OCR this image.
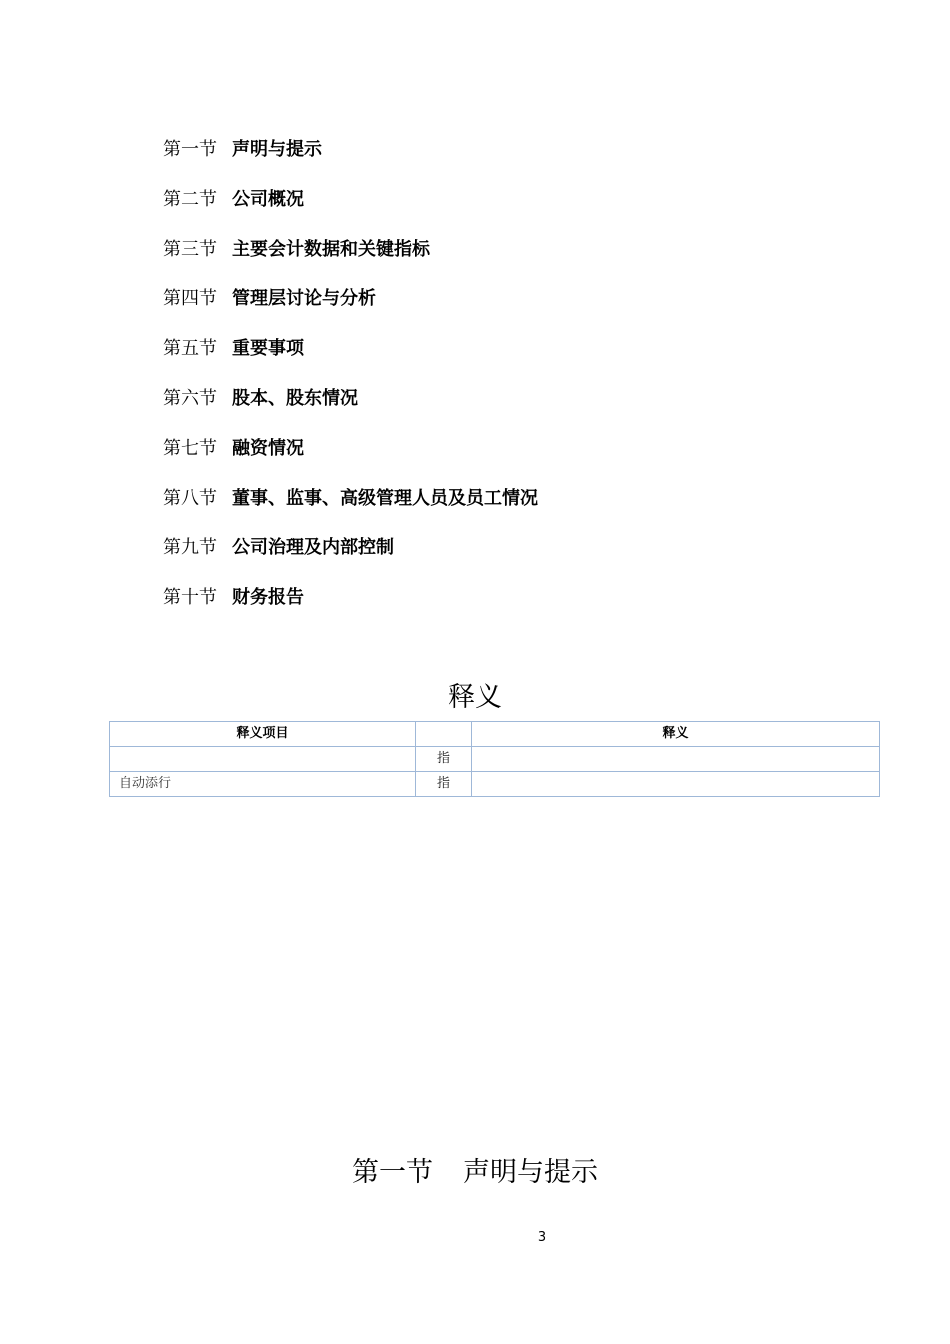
第一节 声明与提示
第二节 公司概况
第三节 主要会计数据和关键指标
第四节 管理层讨论与分析
第五节 重要事项
第六节 股本、股东情况
第七节 融资情况
第八节 董事、监事、高级管理人员及员工情况
第九节 公司治理及内部控制
第十节 财务报告
释义
释义项目		释义
	指	
自动添行	指	
第一节 声明与提示
3
